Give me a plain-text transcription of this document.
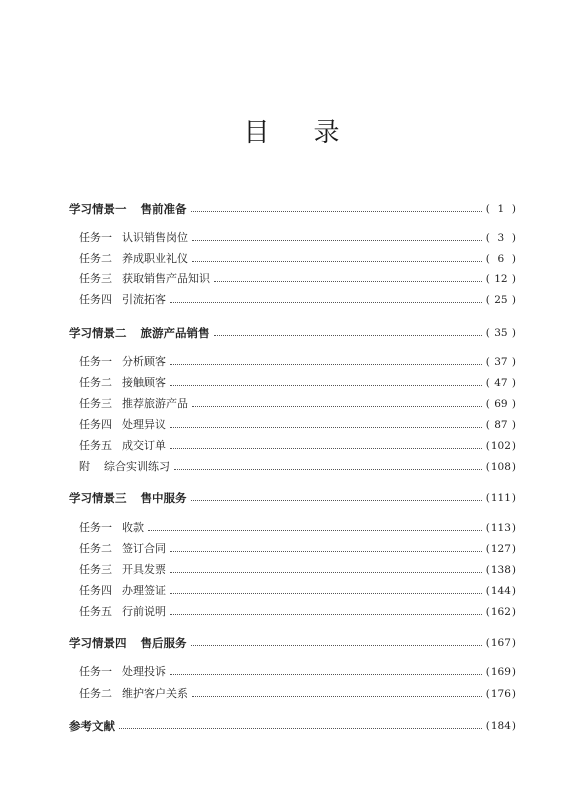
目 录
学习情景一 售前准备	( 1 )
任务一 认识销售岗位	( 3 )
任务二 养成职业礼仪	( 6 )
任务三 获取销售产品知识	( 12 )
任务四 引流拓客	( 25 )
学习情景二 旅游产品销售	( 35 )
任务一 分析顾客	( 37 )
任务二 接触顾客	( 47 )
任务三 推荐旅游产品	( 69 )
任务四 处理异议	( 87 )
任务五 成交订单	(102)
附 综合实训练习	(108)
学习情景三 售中服务	(111)
任务一 收款	(113)
任务二 签订合同	(127)
任务三 开具发票	(138)
任务四 办理签证	(144)
任务五 行前说明	(162)
学习情景四 售后服务	(167)
任务一 处理投诉	(169)
任务二 维护客户关系	(176)
参考文献	(184)
